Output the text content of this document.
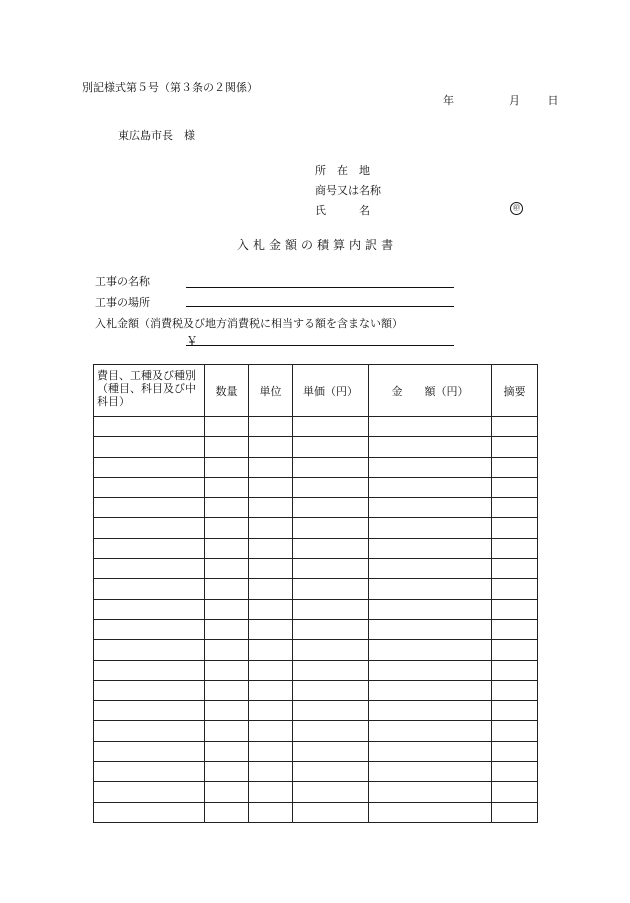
別記様式第５号（第３条の２関係）
年	月	日
東広島市長　様
所　在　地
商号又は名称
氏　　　名	㊞
入 札 金 額 の 積 算 内 訳 書
工事の名称
工事の場所
入札金額（消費税及び地方消費税に相当する額を含まない額）
￥
費目、工種及び種別（種目、科目及び中科目）	数量	単位	単価（円）	金　　額（円）	摘要
